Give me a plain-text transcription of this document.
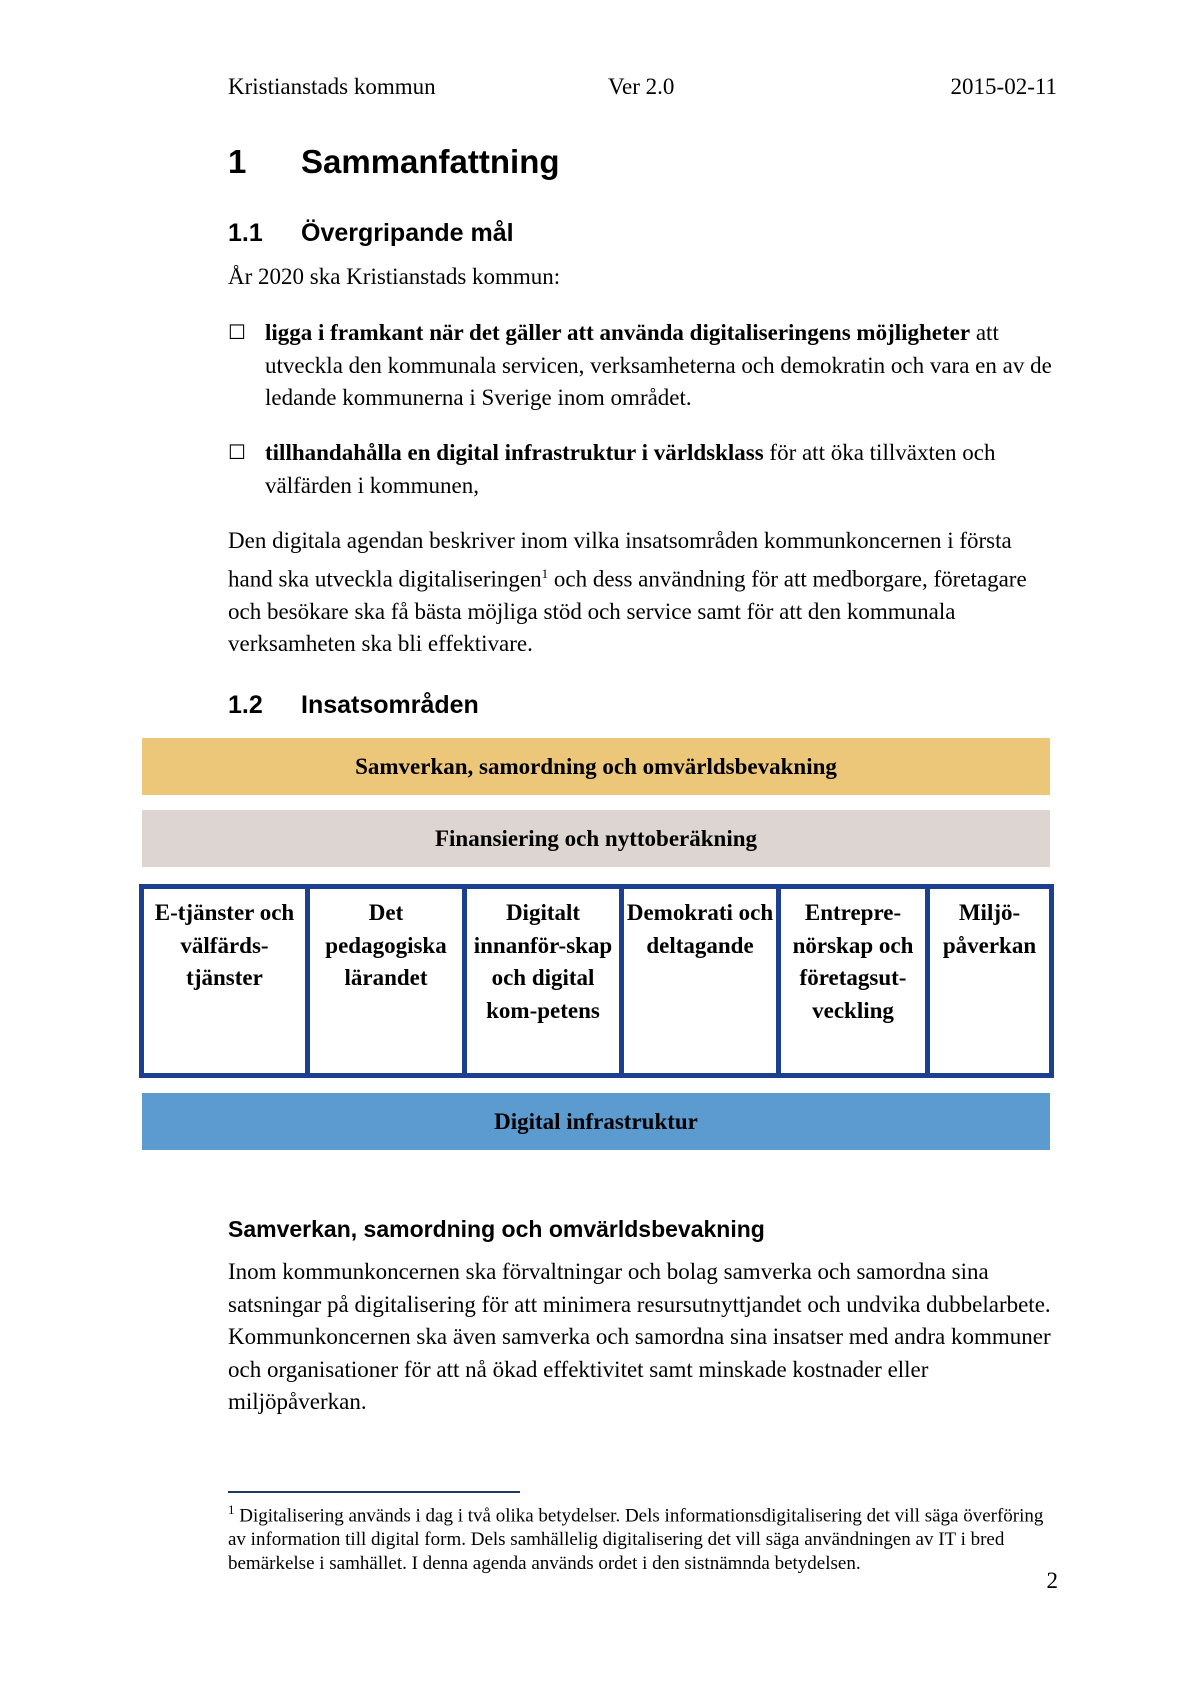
Kristianstads kommun	Ver 2.0	2015-02-11
1 Sammanfattning
1.1 Övergripande mål
År 2020 ska Kristianstads kommun:
☐ ligga i framkant när det gäller att använda digitaliseringens möjligheter att utveckla den kommunala servicen, verksamheterna och demokratin och vara en av de ledande kommunerna i Sverige inom området.
☐ tillhandahålla en digital infrastruktur i världsklass för att öka tillväxten och välfärden i kommunen,
Den digitala agendan beskriver inom vilka insatsområden kommunkoncernen i första hand ska utveckla digitaliseringen$^1$ och dess användning för att medborgare, företagare och besökare ska få bästa möjliga stöd och service samt för att den kommunala verksamheten ska bli effektivare.
1.2 Insatsområden
Samverkan, samordning och omvärldsbevakning
Finansiering och nyttoberäkning
E-tjänster och välfärds-tjänster
Det pedagogiska lärandet
Digitalt innanför-skap och digital kom-petens
Demokrati och deltagande
Entrepre-nörskap och företagsut-veckling
Miljö-påverkan
Digital infrastruktur
Samverkan, samordning och omvärldsbevakning
Inom kommunkoncernen ska förvaltningar och bolag samverka och samordna sina satsningar på digitalisering för att minimera resursutnyttjandet och undvika dubbelarbete. Kommunkoncernen ska även samverka och samordna sina insatser med andra kommuner och organisationer för att nå ökad effektivitet samt minskade kostnader eller miljöpåverkan.
$^1$ Digitalisering används i dag i två olika betydelser. Dels informationsdigitalisering det vill säga överföring av information till digital form. Dels samhällelig digitalisering det vill säga användningen av IT i bred bemärkelse i samhället. I denna agenda används ordet i den sistnämnda betydelsen.
2
